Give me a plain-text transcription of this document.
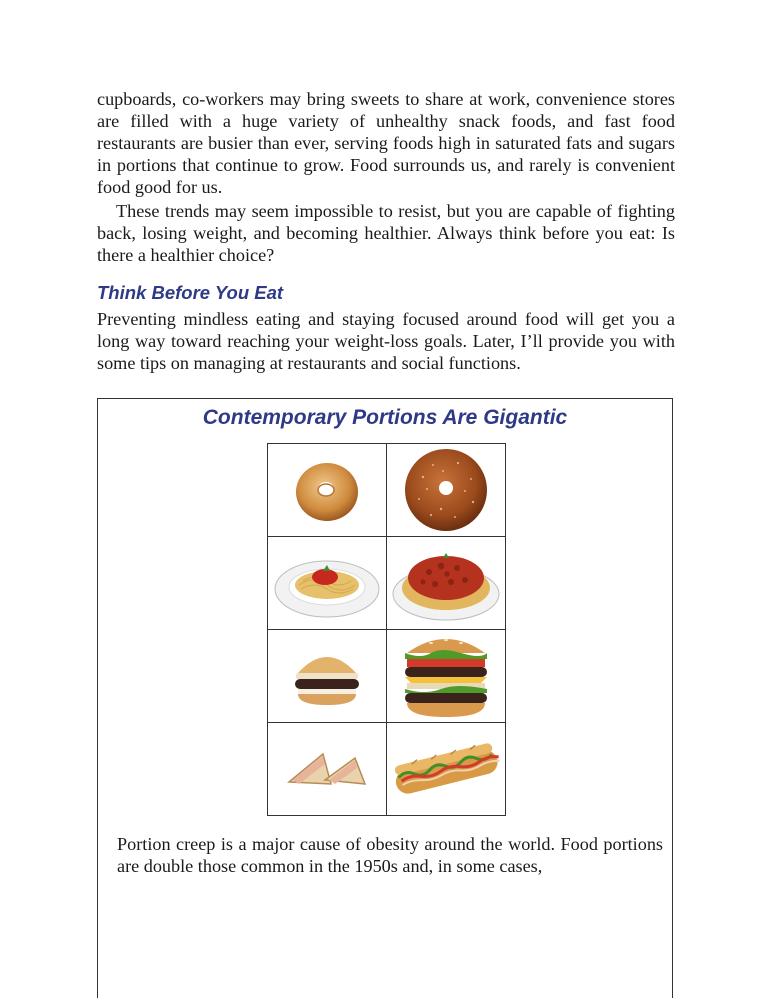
cupboards, co-workers may bring sweets to share at work, convenience stores are filled with a huge variety of unhealthy snack foods, and fast food restaurants are busier than ever, serving foods high in saturated fats and sugars in portions that continue to grow. Food surrounds us, and rarely is convenient food good for us.

These trends may seem impossible to resist, but you are capable of fighting back, losing weight, and becoming healthier. Always think before you eat: Is there a healthier choice?

Think Before You Eat

Preventing mindless eating and staying focused around food will get you a long way toward reaching your weight-loss goals. Later, I’ll provide you with some tips on managing at restaurants and social functions.

Contemporary Portions Are Gigantic

Portion creep is a major cause of obesity around the world. Food portions are double those common in the 1950s and, in some cases,
